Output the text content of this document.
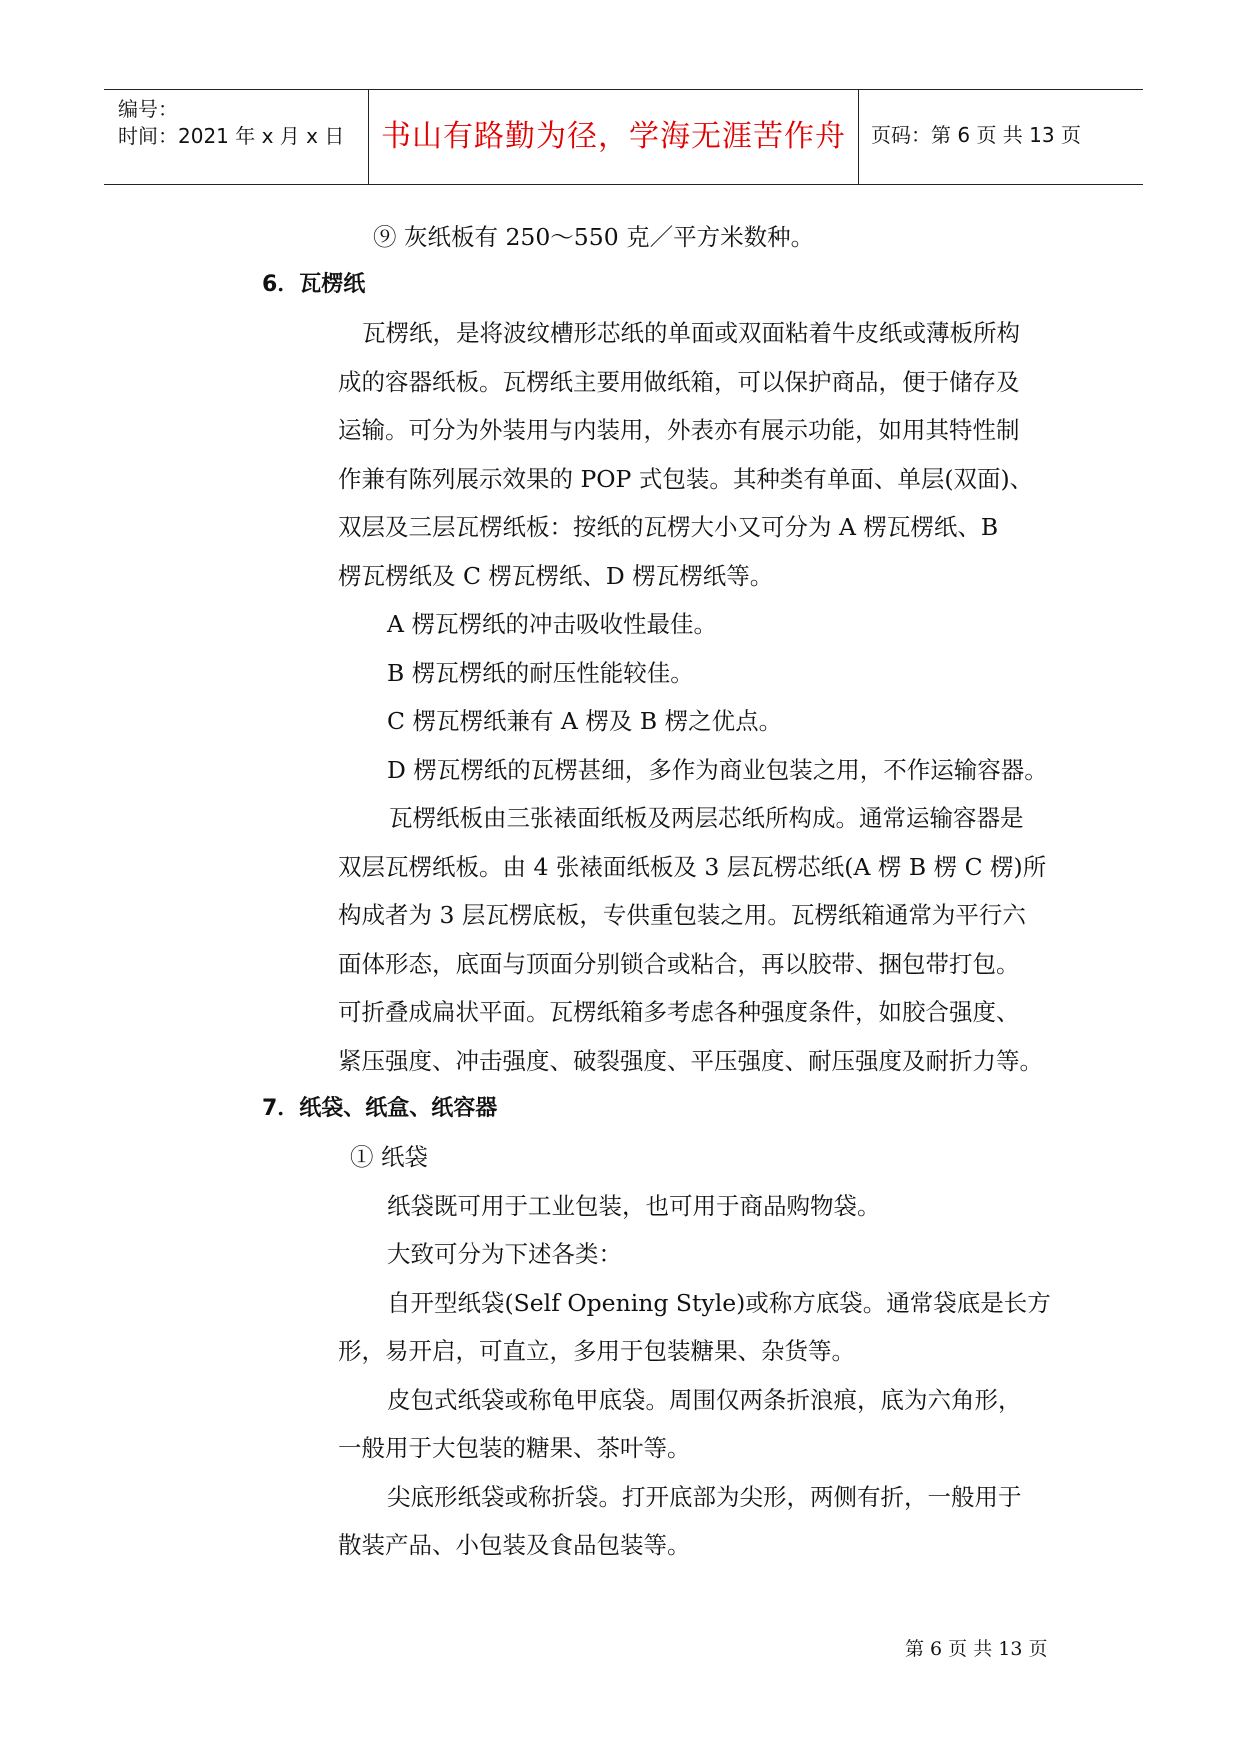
编号：
时间：2021 年 x 月 x 日 书山有路勤为径，学海无涯苦作舟 页码：第 6 页 共 13 页
⑨ 灰纸板有 250～550 克／平方米数种。
6．瓦楞纸
瓦楞纸，是将波纹槽形芯纸的单面或双面粘着牛皮纸或薄板所构
成的容器纸板。瓦楞纸主要用做纸箱，可以保护商品，便于储存及
运输。可分为外装用与内装用，外表亦有展示功能，如用其特性制
作兼有陈列展示效果的 POP 式包装。其种类有单面、单层(双面)、
双层及三层瓦楞纸板：按纸的瓦楞大小又可分为 A 楞瓦楞纸、B
楞瓦楞纸及 C 楞瓦楞纸、D 楞瓦楞纸等。
A 楞瓦楞纸的冲击吸收性最佳。
B 楞瓦楞纸的耐压性能较佳。
C 楞瓦楞纸兼有 A 楞及 B 楞之优点。
D 楞瓦楞纸的瓦楞甚细，多作为商业包装之用，不作运输容器。
瓦楞纸板由三张裱面纸板及两层芯纸所构成。通常运输容器是
双层瓦楞纸板。由 4 张裱面纸板及 3 层瓦楞芯纸(A 楞 B 楞 C 楞)所
构成者为 3 层瓦楞底板，专供重包装之用。瓦楞纸箱通常为平行六
面体形态，底面与顶面分别锁合或粘合，再以胶带、捆包带打包。
可折叠成扁状平面。瓦楞纸箱多考虑各种强度条件，如胶合强度、
紧压强度、冲击强度、破裂强度、平压强度、耐压强度及耐折力等。
7．纸袋、纸盒、纸容器
① 纸袋
纸袋既可用于工业包装，也可用于商品购物袋。
大致可分为下述各类：
自开型纸袋(Self Opening Style)或称方底袋。通常袋底是长方
形，易开启，可直立，多用于包装糖果、杂货等。
皮包式纸袋或称龟甲底袋。周围仅两条折浪痕，底为六角形，
一般用于大包装的糖果、茶叶等。
尖底形纸袋或称折袋。打开底部为尖形，两侧有折，一般用于
散装产品、小包装及食品包装等。
第 6 页 共 13 页
